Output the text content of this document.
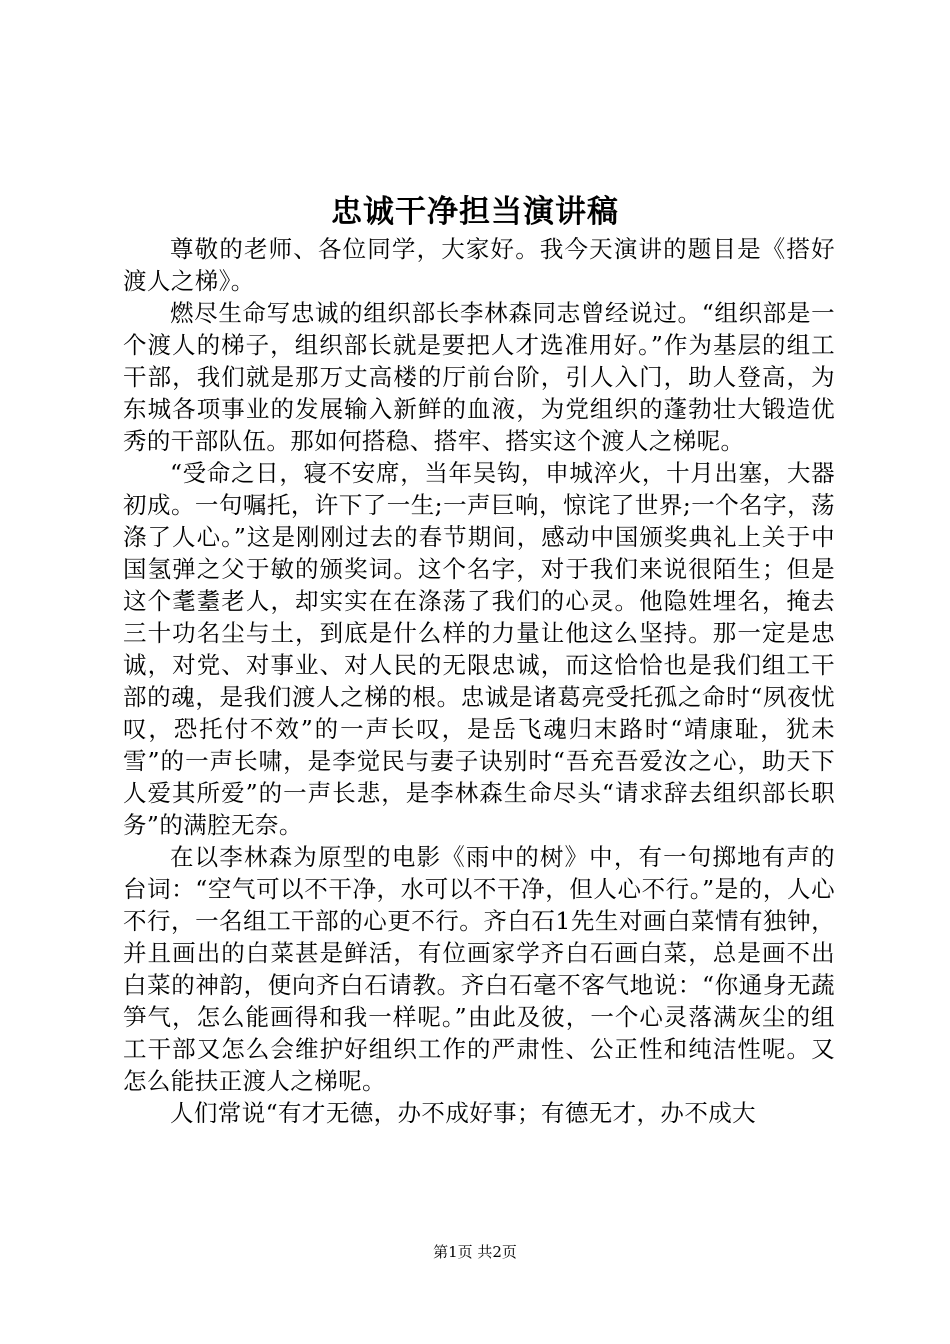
忠诚干净担当演讲稿

尊敬的老师、各位同学，大家好。我今天演讲的题目是《搭好渡人之梯》。

燃尽生命写忠诚的组织部长李林森同志曾经说过。“组织部是一个渡人的梯子，组织部长就是要把人才选准用好。”作为基层的组工干部，我们就是那万丈高楼的厅前台阶，引人入门，助人登高，为东城各项事业的发展输入新鲜的血液，为党组织的蓬勃壮大锻造优秀的干部队伍。那如何搭稳、搭牢、搭实这个渡人之梯呢。

“受命之日，寝不安席，当年吴钩，申城淬火，十月出塞，大器初成。一句嘱托，许下了一生;一声巨响，惊诧了世界;一个名字，荡涤了人心。”这是刚刚过去的春节期间，感动中国颁奖典礼上关于中国氢弹之父于敏的颁奖词。这个名字，对于我们来说很陌生；但是这个耄耋老人，却实实在在涤荡了我们的心灵。他隐姓埋名，掩去三十功名尘与土，到底是什么样的力量让他这么坚持。那一定是忠诚，对党、对事业、对人民的无限忠诚，而这恰恰也是我们组工干部的魂，是我们渡人之梯的根。忠诚是诸葛亮受托孤之命时“夙夜忧叹，恐托付不效”的一声长叹，是岳飞魂归末路时“靖康耻，犹未雪”的一声长啸，是李觉民与妻子诀别时“吾充吾爱汝之心，助天下人爱其所爱”的一声长悲，是李林森生命尽头“请求辞去组织部长职务”的满腔无奈。

在以李林森为原型的电影《雨中的树》中，有一句掷地有声的台词：“空气可以不干净，水可以不干净，但人心不行。”是的，人心不行，一名组工干部的心更不行。齐白石1先生对画白菜情有独钟，并且画出的白菜甚是鲜活，有位画家学齐白石画白菜，总是画不出白菜的神韵，便向齐白石请教。齐白石毫不客气地说：“你通身无蔬笋气，怎么能画得和我一样呢。”由此及彼，一个心灵落满灰尘的组工干部又怎么会维护好组织工作的严肃性、公正性和纯洁性呢。又怎么能扶正渡人之梯呢。

人们常说“有才无德，办不成好事；有德无才，办不成大

第1页 共2页
